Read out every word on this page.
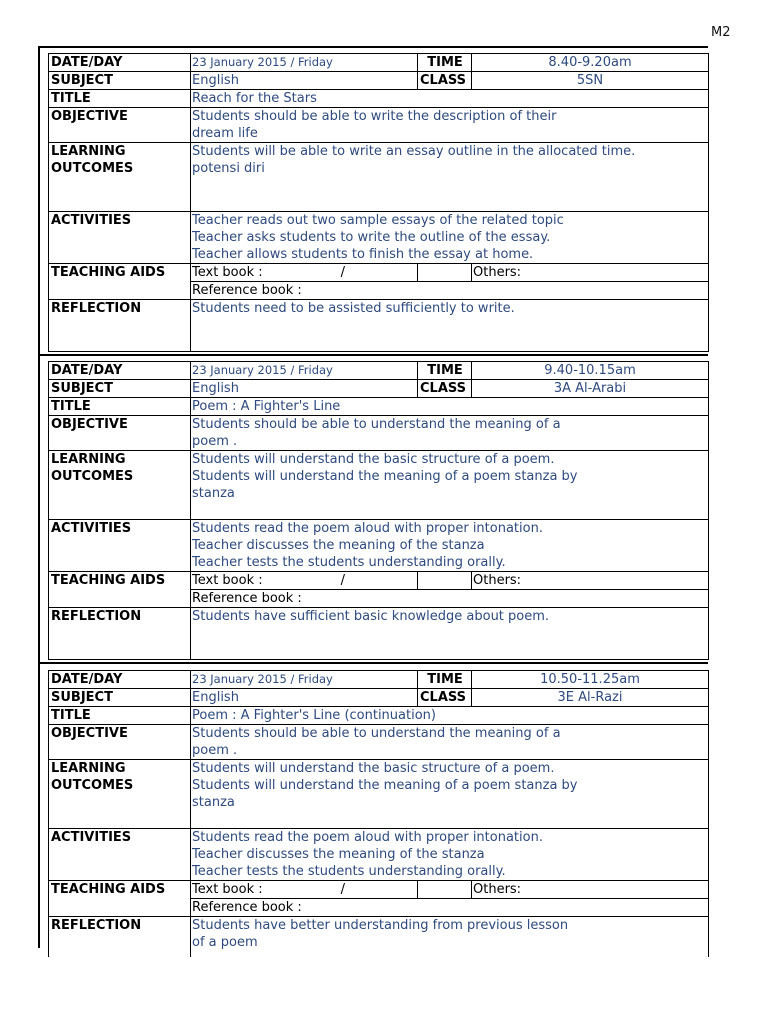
M2
DATE/DAY	23 January 2015 / Friday	TIME	8.40-9.20am
SUBJECT	English	CLASS	5SN
TITLE	Reach for the Stars		
OBJECTIVE	Students should be able to write the description of their
dream life		

LEARNING
OUTCOMES	Students will be able to write an essay outline in the allocated time.
potensi diri		

ACTIVITIES	Teacher reads out two sample essays of the related topic
Teacher asks students to write the outline of the essay.
Teacher allows students to finish the essay at home.		

TEACHING AIDS	Text book : /		Others:
	Reference book :		
REFLECTION	Students need to be assisted sufficiently to write.		
DATE/DAY	23 January 2015 / Friday	TIME	9.40-10.15am
SUBJECT	English	CLASS	3A Al-Arabi
TITLE	Poem : A Fighter's Line		
OBJECTIVE	Students should be able to understand the meaning of a
poem .		

LEARNING
OUTCOMES	Students will understand the basic structure of a poem.
Students will understand the meaning of a poem stanza by
stanza		

ACTIVITIES	Students read the poem aloud with proper intonation.
Teacher discusses the meaning of the stanza
Teacher tests the students understanding orally.		

TEACHING AIDS	Text book : /		Others:
	Reference book :		
REFLECTION	Students have sufficient basic knowledge about poem.		
DATE/DAY	23 January 2015 / Friday	TIME	10.50-11.25am
SUBJECT	English	CLASS	3E Al-Razi
TITLE	Poem : A Fighter's Line (continuation)		
OBJECTIVE	Students should be able to understand the meaning of a
poem .		

LEARNING
OUTCOMES	Students will understand the basic structure of a poem.
Students will understand the meaning of a poem stanza by
stanza		

ACTIVITIES	Students read the poem aloud with proper intonation.
Teacher discusses the meaning of the stanza
Teacher tests the students understanding orally.		

TEACHING AIDS	Text book : /		Others:
	Reference book :		
REFLECTION	Students have better understanding from previous lesson
of a poem		
